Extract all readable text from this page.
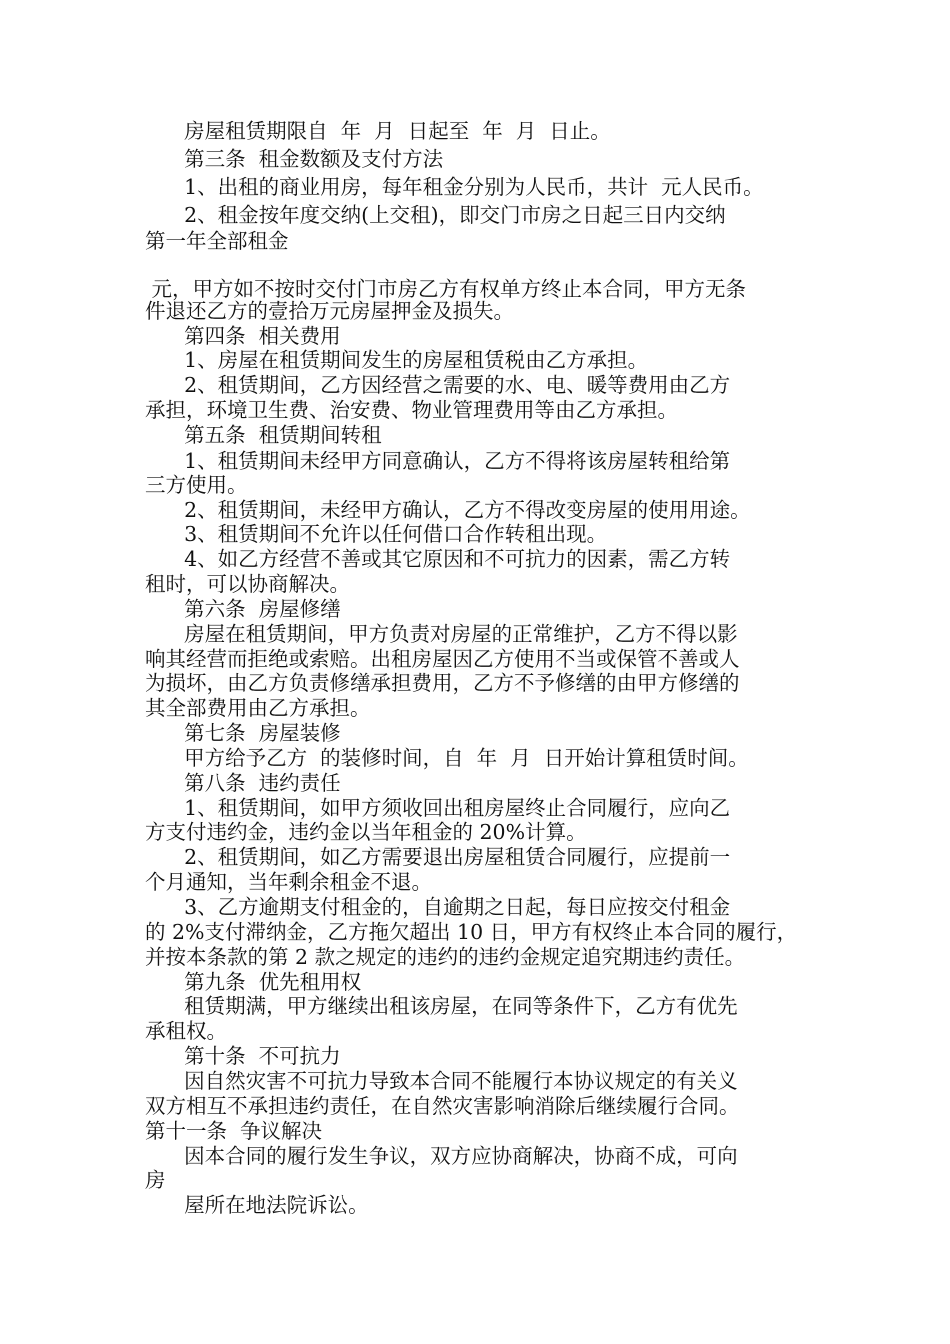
房屋租赁期限自  年  月  日起至  年  月  日止。
第三条  租金数额及支付方法
1、出租的商业用房，每年租金分别为人民币，共计  元人民币。
2、租金按年度交纳(上交租)，即交门市房之日起三日内交纳
第一年全部租金
元，甲方如不按时交付门市房乙方有权单方终止本合同，甲方无条
件退还乙方的壹拾万元房屋押金及损失。
第四条  相关费用
1、房屋在租赁期间发生的房屋租赁税由乙方承担。
2、租赁期间，乙方因经营之需要的水、电、暖等费用由乙方
承担，环境卫生费、治安费、物业管理费用等由乙方承担。
第五条  租赁期间转租
1、租赁期间未经甲方同意确认，乙方不得将该房屋转租给第
三方使用。
2、租赁期间，未经甲方确认，乙方不得改变房屋的使用用途。
3、租赁期间不允许以任何借口合作转租出现。
4、如乙方经营不善或其它原因和不可抗力的因素，需乙方转
租时，可以协商解决。
第六条  房屋修缮
房屋在租赁期间，甲方负责对房屋的正常维护，乙方不得以影
响其经营而拒绝或索赔。出租房屋因乙方使用不当或保管不善或人
为损坏，由乙方负责修缮承担费用，乙方不予修缮的由甲方修缮的
其全部费用由乙方承担。
第七条  房屋装修
甲方给予乙方  的装修时间，自  年  月  日开始计算租赁时间。
第八条  违约责任
1、租赁期间，如甲方须收回出租房屋终止合同履行，应向乙
方支付违约金，违约金以当年租金的 20%计算。
2、租赁期间，如乙方需要退出房屋租赁合同履行，应提前一
个月通知，当年剩余租金不退。
3、乙方逾期支付租金的，自逾期之日起，每日应按交付租金
的 2%支付滞纳金，乙方拖欠超出 10 日，甲方有权终止本合同的履行，
并按本条款的第 2 款之规定的违约的违约金规定追究期违约责任。
第九条  优先租用权
租赁期满，甲方继续出租该房屋，在同等条件下，乙方有优先
承租权。
第十条  不可抗力
因自然灾害不可抗力导致本合同不能履行本协议规定的有关义
双方相互不承担违约责任，在自然灾害影响消除后继续履行合同。
第十一条  争议解决
因本合同的履行发生争议，双方应协商解决，协商不成，可向
房
屋所在地法院诉讼。
